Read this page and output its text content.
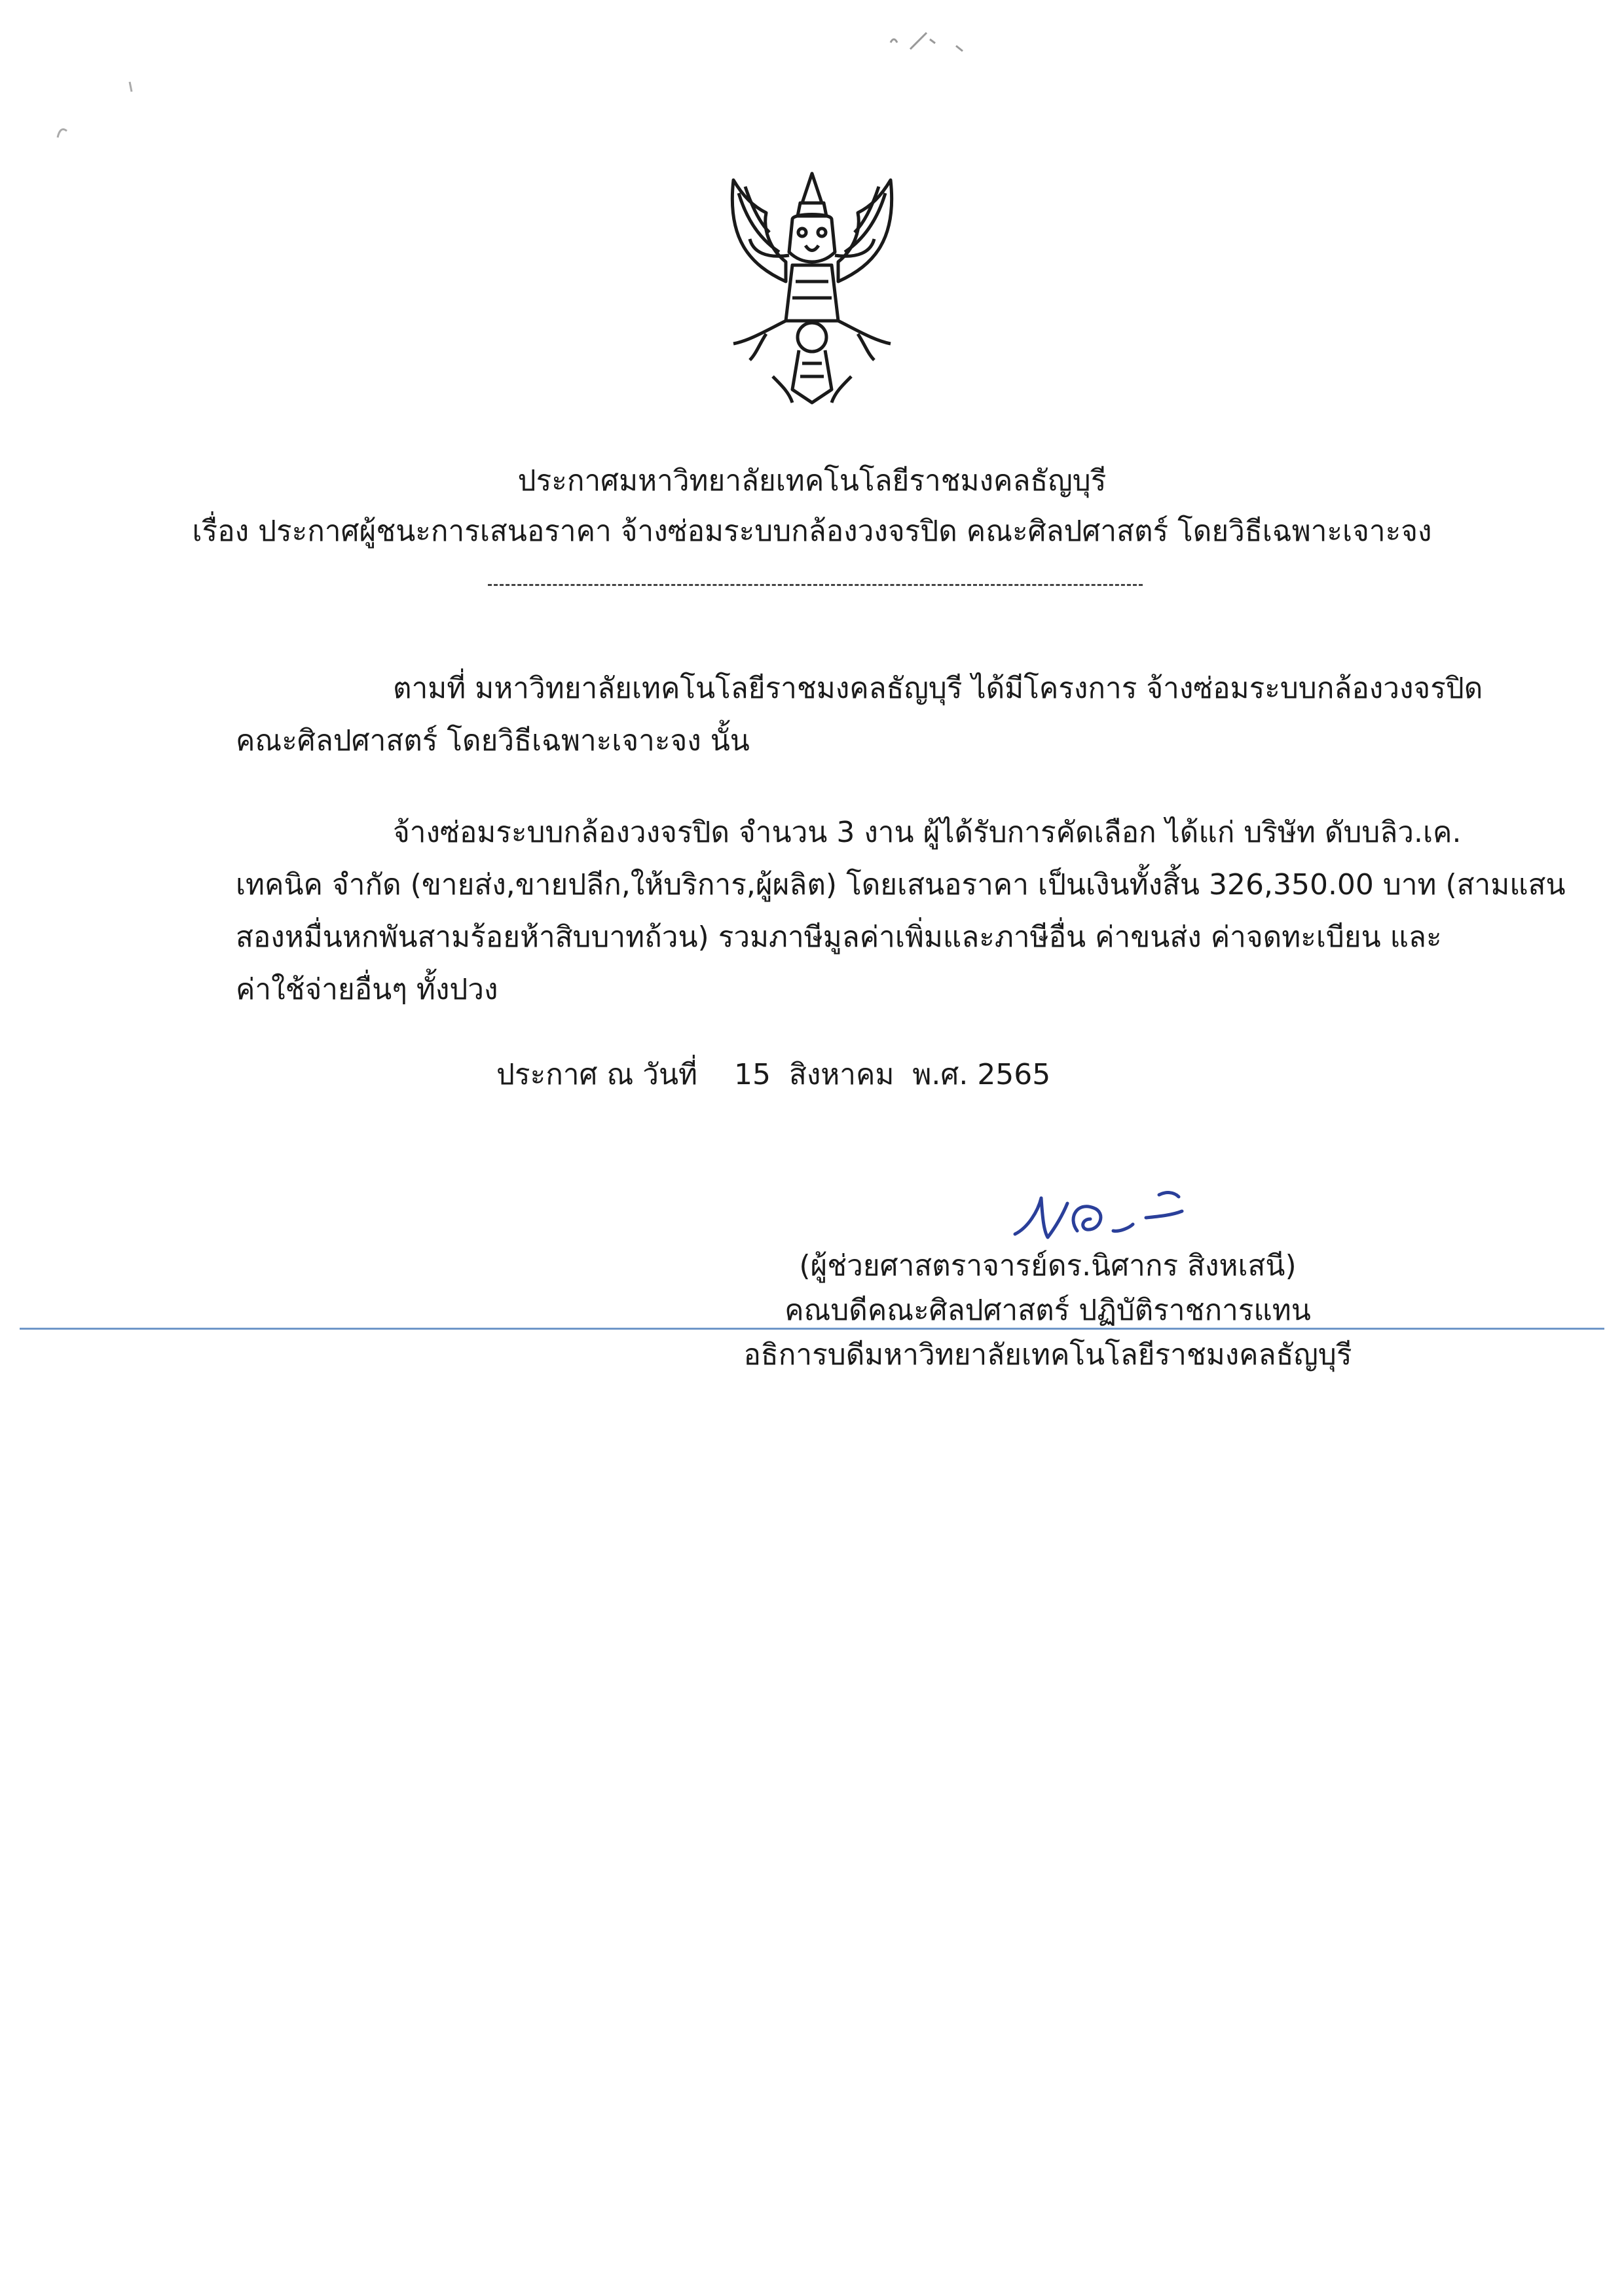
ประกาศมหาวิทยาลัยเทคโนโลยีราชมงคลธัญบุรี
เรื่อง ประกาศผู้ชนะการเสนอราคา จ้างซ่อมระบบกล้องวงจรปิด คณะศิลปศาสตร์ โดยวิธีเฉพาะเจาะจง
ตามที่ มหาวิทยาลัยเทคโนโลยีราชมงคลธัญบุรี ได้มีโครงการ จ้างซ่อมระบบกล้องวงจรปิด
คณะศิลปศาสตร์ โดยวิธีเฉพาะเจาะจง นั้น
จ้างซ่อมระบบกล้องวงจรปิด จำนวน 3 งาน ผู้ได้รับการคัดเลือก ได้แก่ บริษัท ดับบลิว.เค.
เทคนิค จำกัด (ขายส่ง,ขายปลีก,ให้บริการ,ผู้ผลิต) โดยเสนอราคา เป็นเงินทั้งสิ้น 326,350.00 บาท (สามแสน
สองหมื่นหกพันสามร้อยห้าสิบบาทถ้วน) รวมภาษีมูลค่าเพิ่มและภาษีอื่น ค่าขนส่ง ค่าจดทะเบียน และ
ค่าใช้จ่ายอื่นๆ ทั้งปวง
ประกาศ ณ วันที่    15  สิงหาคม  พ.ศ. 2565
(ผู้ช่วยศาสตราจารย์ดร.นิศากร สิงหเสนี)
คณบดีคณะศิลปศาสตร์ ปฏิบัติราชการแทน
อธิการบดีมหาวิทยาลัยเทคโนโลยีราชมงคลธัญบุรี
